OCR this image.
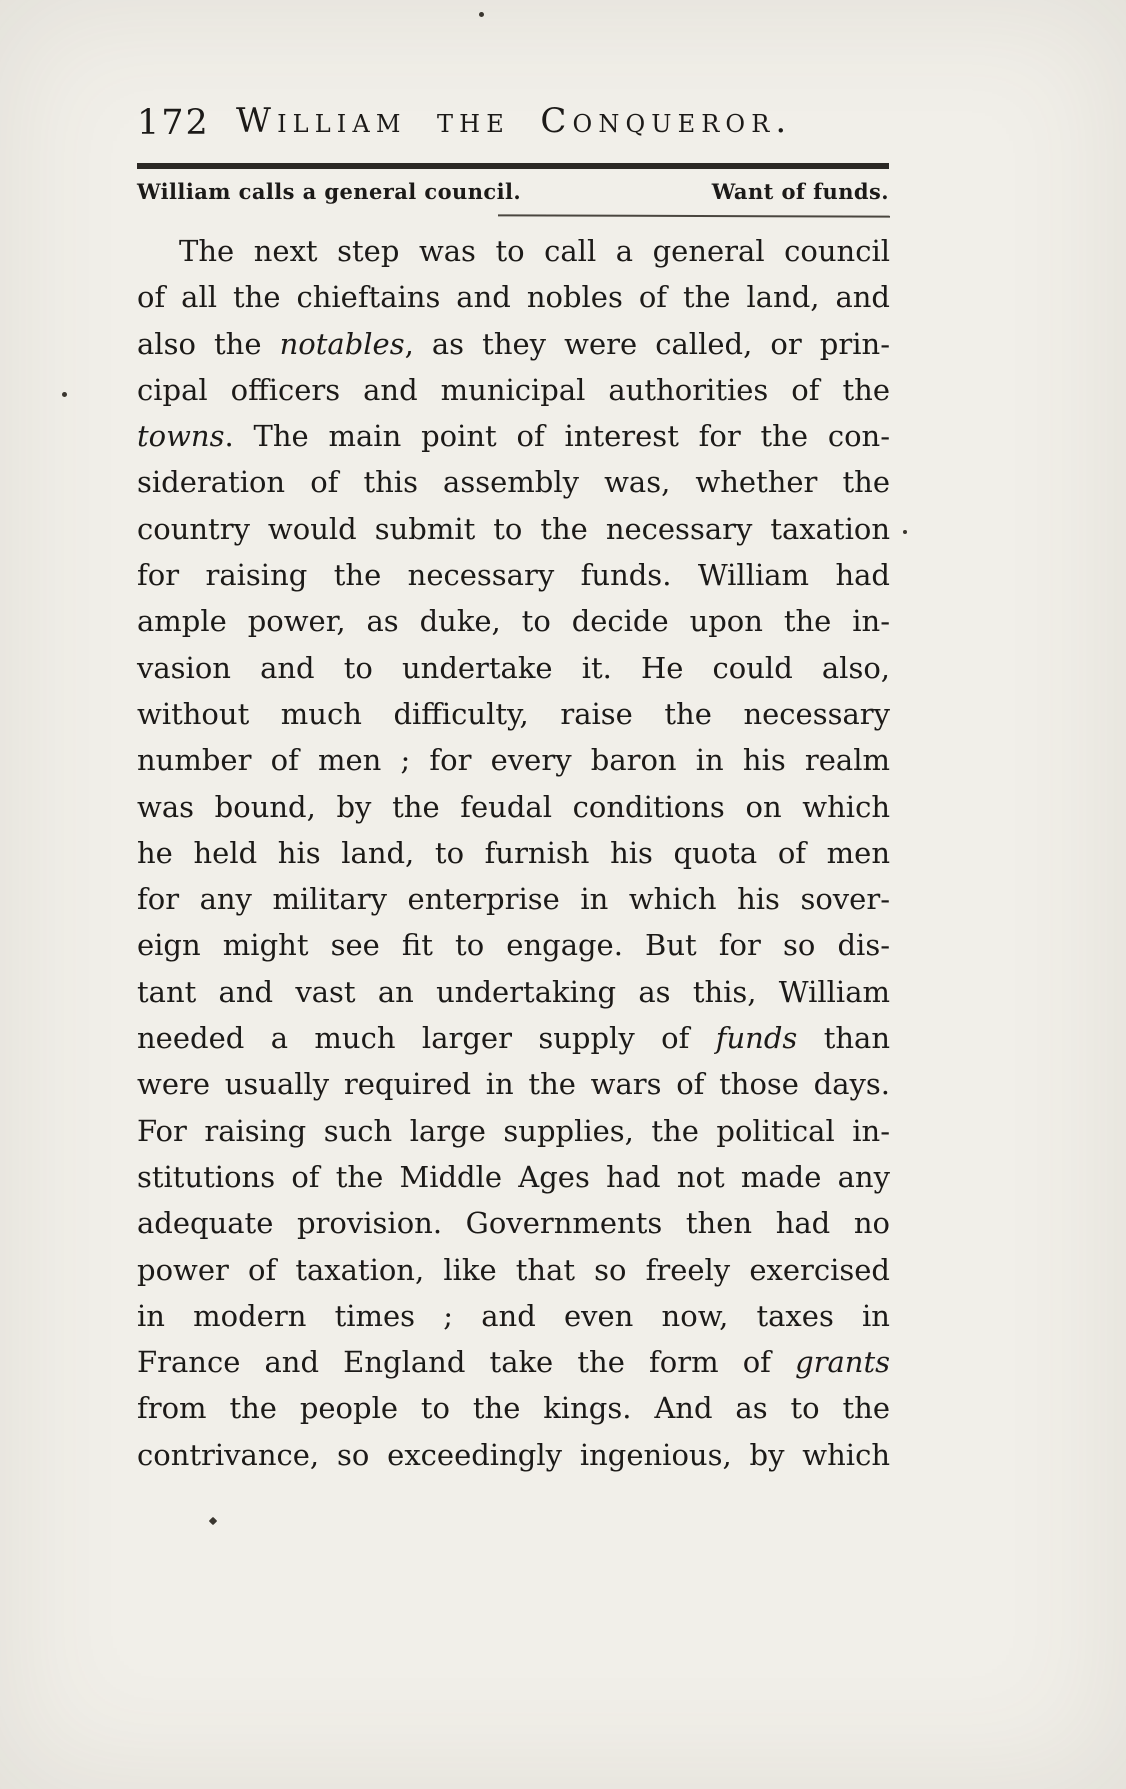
172 William the Conqueror.
William calls a general council.	Want of funds.
The next step was to call a general council
of all the chieftains and nobles of the land, and
also the notables, as they were called, or prin-
cipal officers and municipal authorities of the
towns. The main point of interest for the con-
sideration of this assembly was, whether the
country would submit to the necessary taxation
for raising the necessary funds. William had
ample power, as duke, to decide upon the in-
vasion and to undertake it. He could also,
without much difficulty, raise the necessary
number of men ; for every baron in his realm
was bound, by the feudal conditions on which
he held his land, to furnish his quota of men
for any military enterprise in which his sover-
eign might see fit to engage. But for so dis-
tant and vast an undertaking as this, William
needed a much larger supply of funds than
were usually required in the wars of those days.
For raising such large supplies, the political in-
stitutions of the Middle Ages had not made any
adequate provision. Governments then had no
power of taxation, like that so freely exercised
in modern times ; and even now, taxes in
France and England take the form of grants
from the people to the kings. And as to the
contrivance, so exceedingly ingenious, by which
